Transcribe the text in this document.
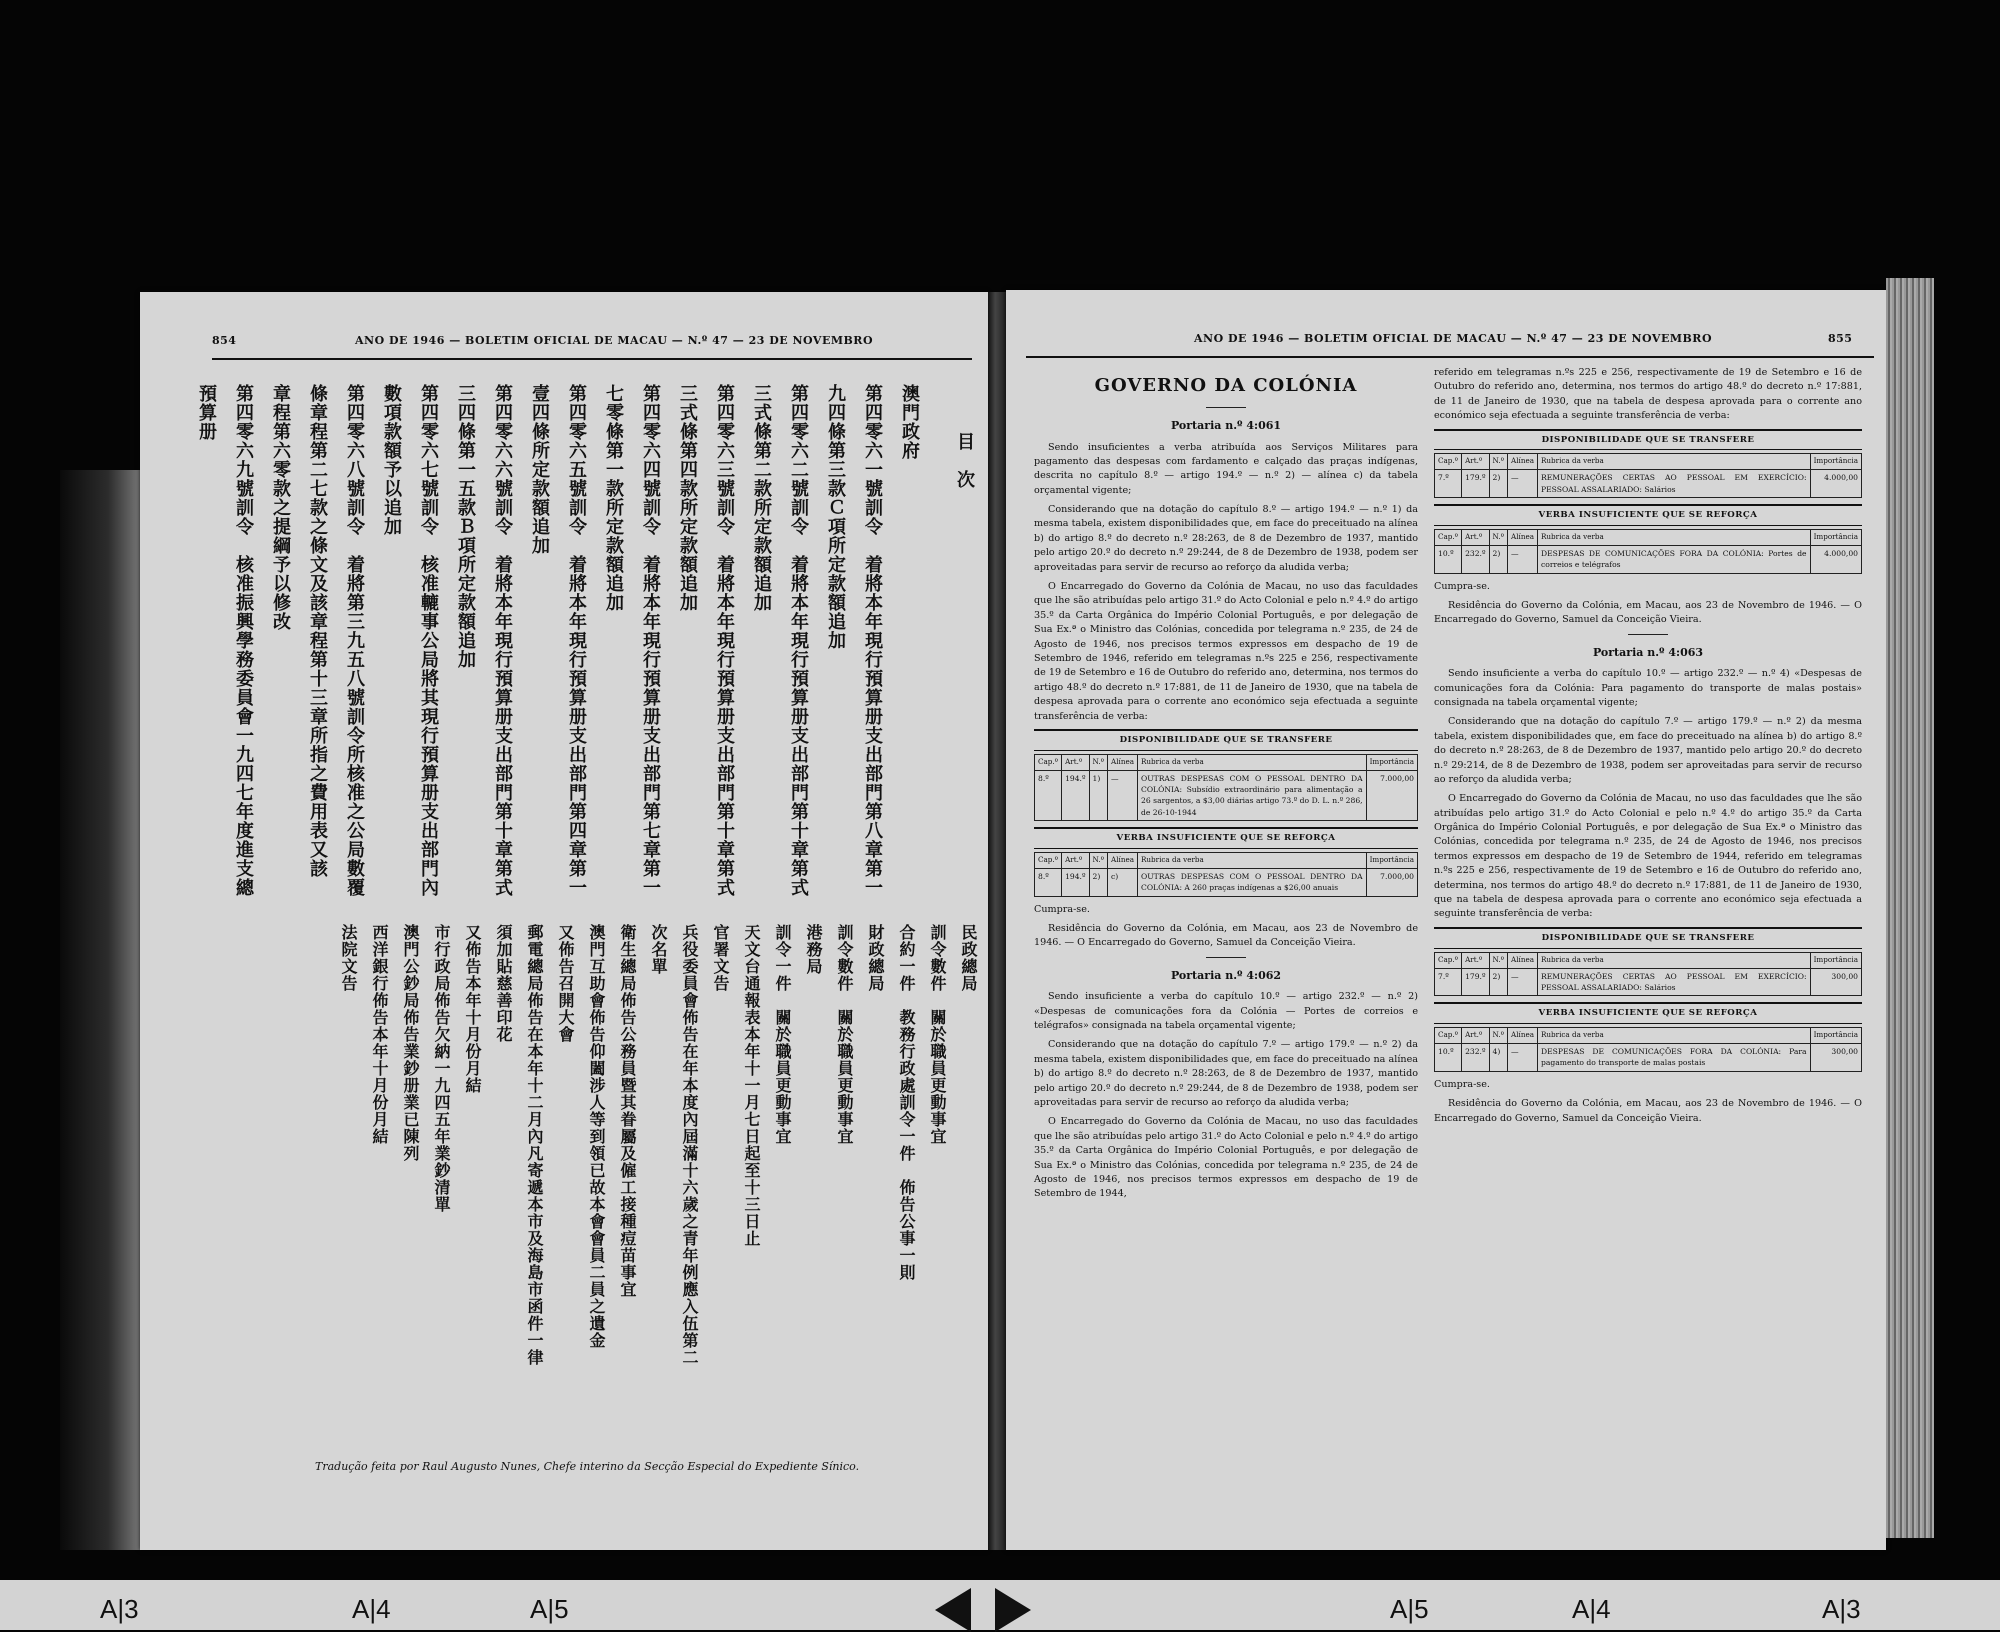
854	ANO DE 1946 — BOLETIM OFICIAL DE MACAU — N.º 47 — 23 DE NOVEMBRO
目　次
澳門政府
第四零六一號訓令　着將本年現行預算册支出部門第八章第一
九四條第三款Ｃ項所定款額追加
第四零六二號訓令　着將本年現行預算册支出部門第十章第式
三式條第二款所定款額追加
第四零六三號訓令　着將本年現行預算册支出部門第十章第式
三式條第四款所定款額追加
第四零六四號訓令　着將本年現行預算册支出部門第七章第一
七零條第一款所定款額追加
第四零六五號訓令　着將本年現行預算册支出部門第四章第一
壹四條所定款額追加
第四零六六號訓令　着將本年現行預算册支出部門第十章第式
三四條第一五款Ｂ項所定款額追加
第四零六七號訓令　核准轆事公局將其現行預算册支出部門內
數項款額予以追加
第四零六八號訓令　着將第三九五八號訓令所核准之公局數覆
條章程第二七款之條文及該章程第十三章所指之費用表又該
章程第六零款之提綱予以修改
第四零六九號訓令　核准振興學務委員會一九四七年度進支總
預算册
民政總局
訓令數件　關於職員更動事宜
合約一件　教務行政處訓令一件　佈告公事一則
財政總局
訓令數件　關於職員更動事宜
港務局
訓令一件　關於職員更動事宜
天文台通報表本年十一月七日起至十三日止
官署文告
兵役委員會佈告在年本度內屆滿十六歲之青年例應入伍第二
次名單
衛生總局佈告公務員暨其眷屬及僱工接種痘苗事宜
澳門互助會佈告仰闔涉人等到領已故本會會員二員之遺金
又佈告召開大會
郵電總局佈告在本年十二月內凡寄遞本市及海島市函件一律
須加貼慈善印花
又佈告本年十月份月結
市行政局佈告欠納一九四五年業鈔清單
澳門公鈔局佈告業鈔册業已陳列
西洋銀行佈告本年十月份月結
法院文告
Tradução feita por Raul Augusto Nunes, Chefe interino da Secção Especial do Expediente Sínico.
ANO DE 1946 — BOLETIM OFICIAL DE MACAU — N.º 47 — 23 DE NOVEMBRO	855
GOVERNO DA COLÓNIA
Portaria n.º 4:061

Sendo insuficientes a verba atribuída aos Serviços Militares para pagamento das despesas com fardamento e calçado das praças indígenas, descrita no capítulo 8.º — artigo 194.º — n.º 2) — alínea c) da tabela orçamental vigente;

Considerando que na dotação do capítulo 8.º — artigo 194.º — n.º 1) da mesma tabela, existem disponibilidades que, em face do preceituado na alínea b) do artigo 8.º do decreto n.º 28:263, de 8 de Dezembro de 1937, mantido pelo artigo 20.º do decreto n.º 29:244, de 8 de Dezembro de 1938, podem ser aproveitadas para servir de recurso ao reforço da aludida verba;

O Encarregado do Governo da Colónia de Macau, no uso das faculdades que lhe são atribuídas pelo artigo 31.º do Acto Colonial e pelo n.º 4.º do artigo 35.º da Carta Orgânica do Império Colonial Português, e por delegação de Sua Ex.ª o Ministro das Colónias, concedida por telegrama n.º 235, de 24 de Agosto de 1946, nos precisos termos expressos em despacho de 19 de Setembro de 1946, referido em telegramas n.ºs 225 e 256, respectivamente de 19 de Setembro e 16 de Outubro do referido ano, determina, nos termos do artigo 48.º do decreto n.º 17:881, de 11 de Janeiro de 1930, que na tabela de despesa aprovada para o corrente ano económico seja efectuada a seguinte transferência de verba:

DISPONIBILIDADE QUE SE TRANSFERE
Cap.º	Art.º	N.º	Alínea	Rubrica da verba	Importância
8.º	194.º	1)	—	OUTRAS DESPESAS COM O PESSOAL DENTRO DA COLÓNIA: Subsídio extraordinário para alimentação a 26 sargentos, a $3,00 diárias artigo 73.º do D. L. n.º 286, de 26-10-1944	7.000,00
VERBA INSUFICIENTE QUE SE REFORÇA
Cap.º	Art.º	N.º	Alínea	Rubrica da verba	Importância
8.º	194.º	2)	c)	OUTRAS DESPESAS COM O PESSOAL DENTRO DA COLÓNIA: A 260 praças indígenas a $26,00 anuais	7.000,00

Cumpra-se.

Residência do Governo da Colónia, em Macau, aos 23 de Novembro de 1946. — O Encarregado do Governo, Samuel da Conceição Vieira.

Portaria n.º 4:062

Sendo insuficiente a verba do capítulo 10.º — artigo 232.º — n.º 2) «Despesas de comunicações fora da Colónia — Portes de correios e telégrafos» consignada na tabela orçamental vigente;

Considerando que na dotação do capítulo 7.º — artigo 179.º — n.º 2) da mesma tabela, existem disponibilidades que, em face do preceituado na alínea b) do artigo 8.º do decreto n.º 28:263, de 8 de Dezembro de 1937, mantido pelo artigo 20.º do decreto n.º 29:244, de 8 de Dezembro de 1938, podem ser aproveitadas para servir de recurso ao reforço da aludida verba;

O Encarregado do Governo da Colónia de Macau, no uso das faculdades que lhe são atribuídas pelo artigo 31.º do Acto Colonial e pelo n.º 4.º do artigo 35.º da Carta Orgânica do Império Colonial Português, e por delegação de Sua Ex.ª o Ministro das Colónias, concedida por telegrama n.º 235, de 24 de Agosto de 1946, nos precisos termos expressos em despacho de 19 de Setembro de 1944,

referido em telegramas n.ºs 225 e 256, respectivamente de 19 de Setembro e 16 de Outubro do referido ano, determina, nos termos do artigo 48.º do decreto n.º 17:881, de 11 de Janeiro de 1930, que na tabela de despesa aprovada para o corrente ano económico seja efectuada a seguinte transferência de verba:

DISPONIBILIDADE QUE SE TRANSFERE
Cap.º	Art.º	N.º	Alínea	Rubrica da verba	Importância
7.º	179.º	2)	—	REMUNERAÇÕES CERTAS AO PESSOAL EM EXERCÍCIO: PESSOAL ASSALARIADO: Salários	4.000,00
VERBA INSUFICIENTE QUE SE REFORÇA
Cap.º	Art.º	N.º	Alínea	Rubrica da verba	Importância
10.º	232.º	2)	—	DESPESAS DE COMUNICAÇÕES FORA DA COLÓNIA: Portes de correios e telégrafos	4.000,00

Cumpra-se.

Residência do Governo da Colónia, em Macau, aos 23 de Novembro de 1946. — O Encarregado do Governo, Samuel da Conceição Vieira.

Portaria n.º 4:063

Sendo insuficiente a verba do capítulo 10.º — artigo 232.º — n.º 4) «Despesas de comunicações fora da Colónia: Para pagamento do transporte de malas postais» consignada na tabela orçamental vigente;

Considerando que na dotação do capítulo 7.º — artigo 179.º — n.º 2) da mesma tabela, existem disponibilidades que, em face do preceituado na alínea b) do artigo 8.º do decreto n.º 28:263, de 8 de Dezembro de 1937, mantido pelo artigo 20.º do decreto n.º 29:214, de 8 de Dezembro de 1938, podem ser aproveitadas para servir de recurso ao reforço da aludida verba;

O Encarregado do Governo da Colónia de Macau, no uso das faculdades que lhe são atribuídas pelo artigo 31.º do Acto Colonial e pelo n.º 4.º do artigo 35.º da Carta Orgânica do Império Colonial Português, e por delegação de Sua Ex.ª o Ministro das Colónias, concedida por telegrama n.º 235, de 24 de Agosto de 1946, nos precisos termos expressos em despacho de 19 de Setembro de 1944, referido em telegramas n.ºs 225 e 256, respectivamente de 19 de Setembro e 16 de Outubro do referido ano, determina, nos termos do artigo 48.º do decreto n.º 17:881, de 11 de Janeiro de 1930, que na tabela de despesa aprovada para o corrente ano económico seja efectuada a seguinte transferência de verba:

DISPONIBILIDADE QUE SE TRANSFERE
Cap.º	Art.º	N.º	Alínea	Rubrica da verba	Importância
7.º	179.º	2)	—	REMUNERAÇÕES CERTAS AO PESSOAL EM EXERCÍCIO: PESSOAL ASSALARIADO: Salários	300,00
VERBA INSUFICIENTE QUE SE REFORÇA
Cap.º	Art.º	N.º	Alínea	Rubrica da verba	Importância
10.º	232.º	4)	—	DESPESAS DE COMUNICAÇÕES FORA DA COLÓNIA: Para pagamento do transporte de malas postais	300,00

Cumpra-se.

Residência do Governo da Colónia, em Macau, aos 23 de Novembro de 1946. — O Encarregado do Governo, Samuel da Conceição Vieira.

A|3	A|4	A|5	A|5	A|4	A|3
